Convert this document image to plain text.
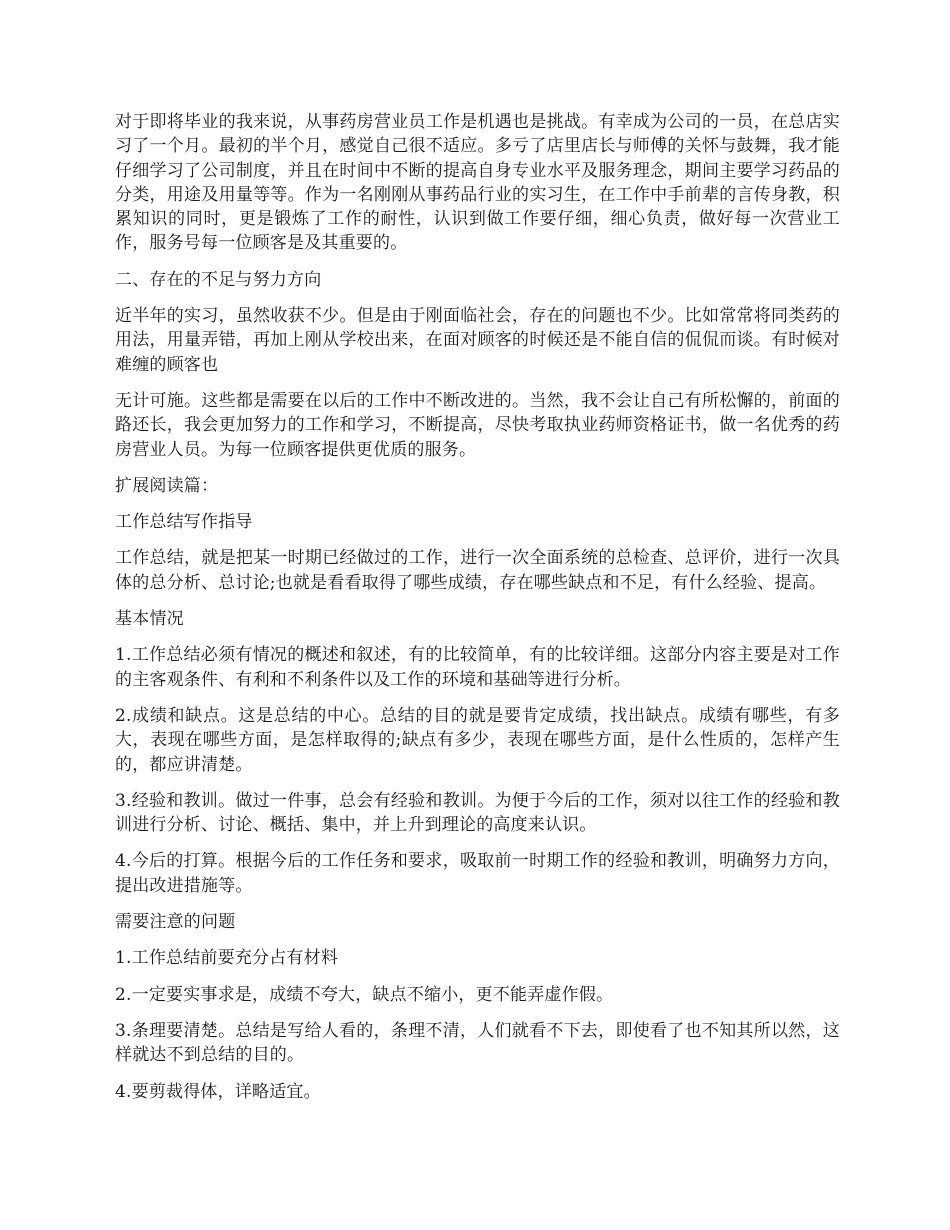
对于即将毕业的我来说，从事药房营业员工作是机遇也是挑战。有幸成为公司的一员，在总店实习了一个月。最初的半个月，感觉自己很不适应。多亏了店里店长与师傅的关怀与鼓舞，我才能仔细学习了公司制度，并且在时间中不断的提高自身专业水平及服务理念，期间主要学习药品的分类，用途及用量等等。作为一名刚刚从事药品行业的实习生，在工作中手前辈的言传身教，积累知识的同时，更是锻炼了工作的耐性，认识到做工作要仔细，细心负责，做好每一次营业工作，服务号每一位顾客是及其重要的。

二、存在的不足与努力方向

近半年的实习，虽然收获不少。但是由于刚面临社会，存在的问题也不少。比如常常将同类药的用法，用量弄错，再加上刚从学校出来，在面对顾客的时候还是不能自信的侃侃而谈。有时候对难缠的顾客也

无计可施。这些都是需要在以后的工作中不断改进的。当然，我不会让自己有所松懈的，前面的路还长，我会更加努力的工作和学习，不断提高，尽快考取执业药师资格证书，做一名优秀的药房营业人员。为每一位顾客提供更优质的服务。

扩展阅读篇：

工作总结写作指导

工作总结，就是把某一时期已经做过的工作，进行一次全面系统的总检查、总评价，进行一次具体的总分析、总讨论;也就是看看取得了哪些成绩，存在哪些缺点和不足，有什么经验、提高。

基本情况

1.工作总结必须有情况的概述和叙述，有的比较简单，有的比较详细。这部分内容主要是对工作的主客观条件、有利和不利条件以及工作的环境和基础等进行分析。

2.成绩和缺点。这是总结的中心。总结的目的就是要肯定成绩，找出缺点。成绩有哪些，有多大，表现在哪些方面，是怎样取得的;缺点有多少，表现在哪些方面，是什么性质的，怎样产生的，都应讲清楚。

3.经验和教训。做过一件事，总会有经验和教训。为便于今后的工作，须对以往工作的经验和教训进行分析、讨论、概括、集中，并上升到理论的高度来认识。

4.今后的打算。根据今后的工作任务和要求，吸取前一时期工作的经验和教训，明确努力方向，提出改进措施等。

需要注意的问题

1.工作总结前要充分占有材料

2.一定要实事求是，成绩不夸大，缺点不缩小，更不能弄虚作假。

3.条理要清楚。总结是写给人看的，条理不清，人们就看不下去，即使看了也不知其所以然，这样就达不到总结的目的。

4.要剪裁得体，详略适宜。
